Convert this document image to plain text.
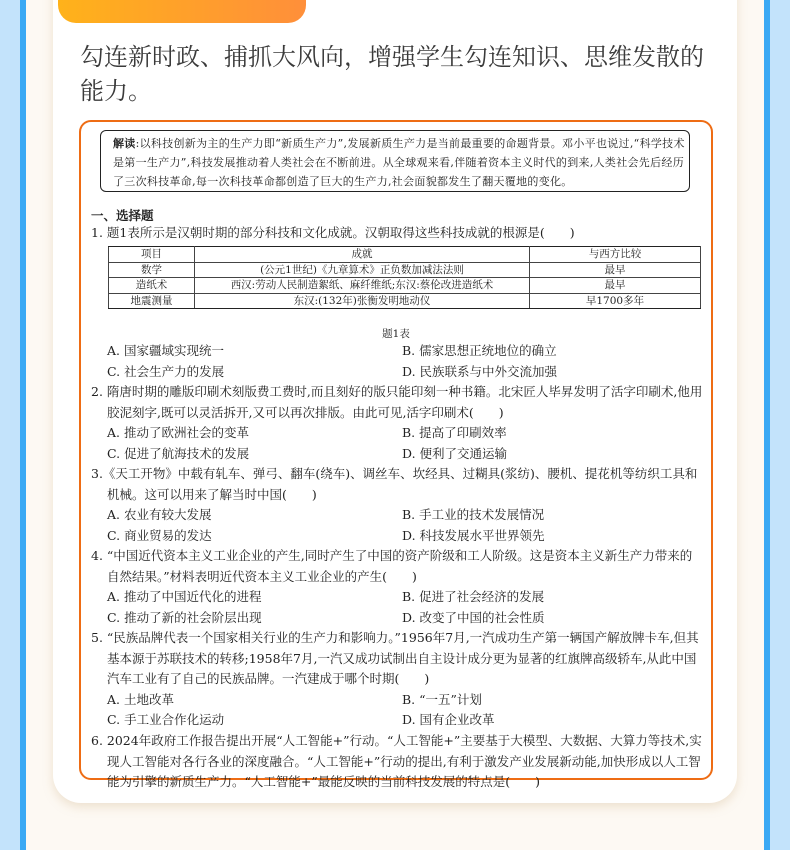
勾连新时政、捕抓大风向，增强学生勾连知识、思维发散的能力。
解读:以科技创新为主的生产力即“新质生产力”,发展新质生产力是当前最重要的命题背景。邓小平也说过,“科学技术是第一生产力”,科技发展推动着人类社会在不断前进。从全球观来看,伴随着资本主义时代的到来,人类社会先后经历了三次科技革命,每一次科技革命都创造了巨大的生产力,社会面貌都发生了翻天覆地的变化。
一、选择题
1. 题1表所示是汉朝时期的部分科技和文化成就。汉朝取得这些科技成就的根源是(　　)
项目	成就	与西方比较
数学	(公元1世纪)《九章算术》正负数加减法法则	最早
造纸术	西汉:劳动人民制造絮纸、麻纤维纸;东汉:蔡伦改进造纸术	最早
地震测量	东汉:(132年)张衡发明地动仪	早1700多年
题1表
A. 国家疆域实现统一	B. 儒家思想正统地位的确立
C. 社会生产力的发展	D. 民族联系与中外交流加强
2. 隋唐时期的雕版印刷术刻版费工费时,而且刻好的版只能印刻一种书籍。北宋匠人毕昇发明了活字印刷术,他用胶泥刻字,既可以灵活拆开,又可以再次排版。由此可见,活字印刷术(　　)
A. 推动了欧洲社会的变革	B. 提高了印刷效率
C. 促进了航海技术的发展	D. 便利了交通运输
3.《天工开物》中载有轧车、弹弓、翻车(绕车)、调丝车、坎经具、过糊具(浆纺)、腰机、提花机等纺织工具和机械。这可以用来了解当时中国(　　)
A. 农业有较大发展	B. 手工业的技术发展情况
C. 商业贸易的发达	D. 科技发展水平世界领先
4. “中国近代资本主义工业企业的产生,同时产生了中国的资产阶级和工人阶级。这是资本主义新生产力带来的自然结果。”材料表明近代资本主义工业企业的产生(　　)
A. 推动了中国近代化的进程	B. 促进了社会经济的发展
C. 推动了新的社会阶层出现	D. 改变了中国的社会性质
5. “民族品牌代表一个国家相关行业的生产力和影响力。”1956年7月,一汽成功生产第一辆国产解放牌卡车,但其基本源于苏联技术的转移;1958年7月,一汽又成功试制出自主设计成分更为显著的红旗牌高级轿车,从此中国汽车工业有了自己的民族品牌。一汽建成于哪个时期(　　)
A. 土地改革	B. “一五”计划
C. 手工业合作化运动	D. 国有企业改革
6. 2024年政府工作报告提出开展“人工智能+”行动。“人工智能+”主要基于大模型、大数据、大算力等技术,实现人工智能对各行各业的深度融合。“人工智能+”行动的提出,有利于激发产业发展新动能,加快形成以人工智能为引擎的新质生产力。“人工智能+”最能反映的当前科技发展的特点是(　　)
